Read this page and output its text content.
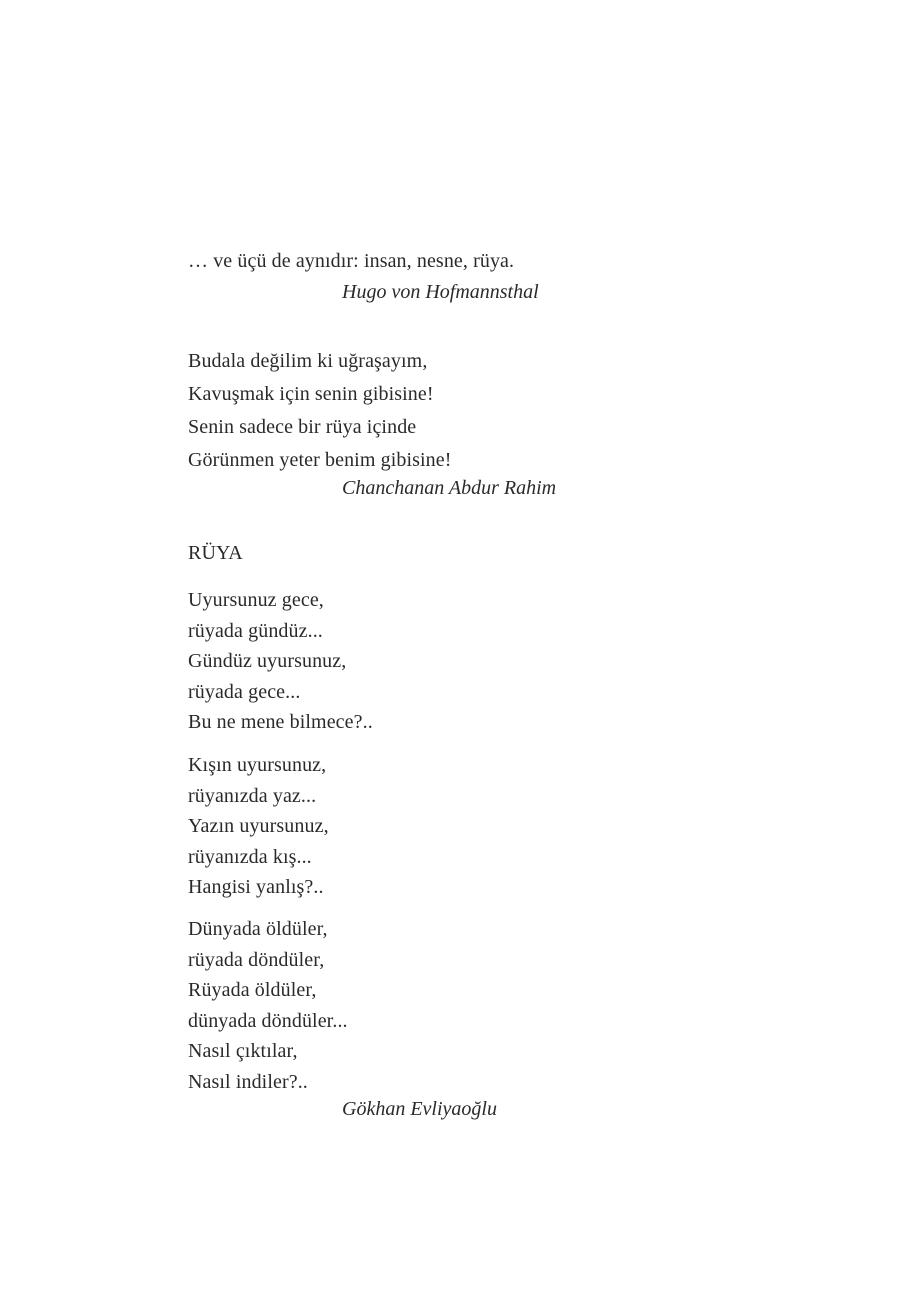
… ve üçü de aynıdır: insan, nesne, rüya.
Hugo von Hofmannsthal
Budala değilim ki uğraşayım,
Kavuşmak için senin gibisine!
Senin sadece bir rüya içinde
Görünmen yeter benim gibisine!
Chanchanan Abdur Rahim
RÜYA
Uyursunuz gece,
rüyada gündüz...
Gündüz uyursunuz,
rüyada gece...
Bu ne mene bilmece?..
Kışın uyursunuz,
rüyanızda yaz...
Yazın uyursunuz,
rüyanızda kış...
Hangisi yanlış?..
Dünyada öldüler,
rüyada döndüler,
Rüyada öldüler,
dünyada döndüler...
Nasıl çıktılar,
Nasıl indiler?..
Gökhan Evliyaoğlu
